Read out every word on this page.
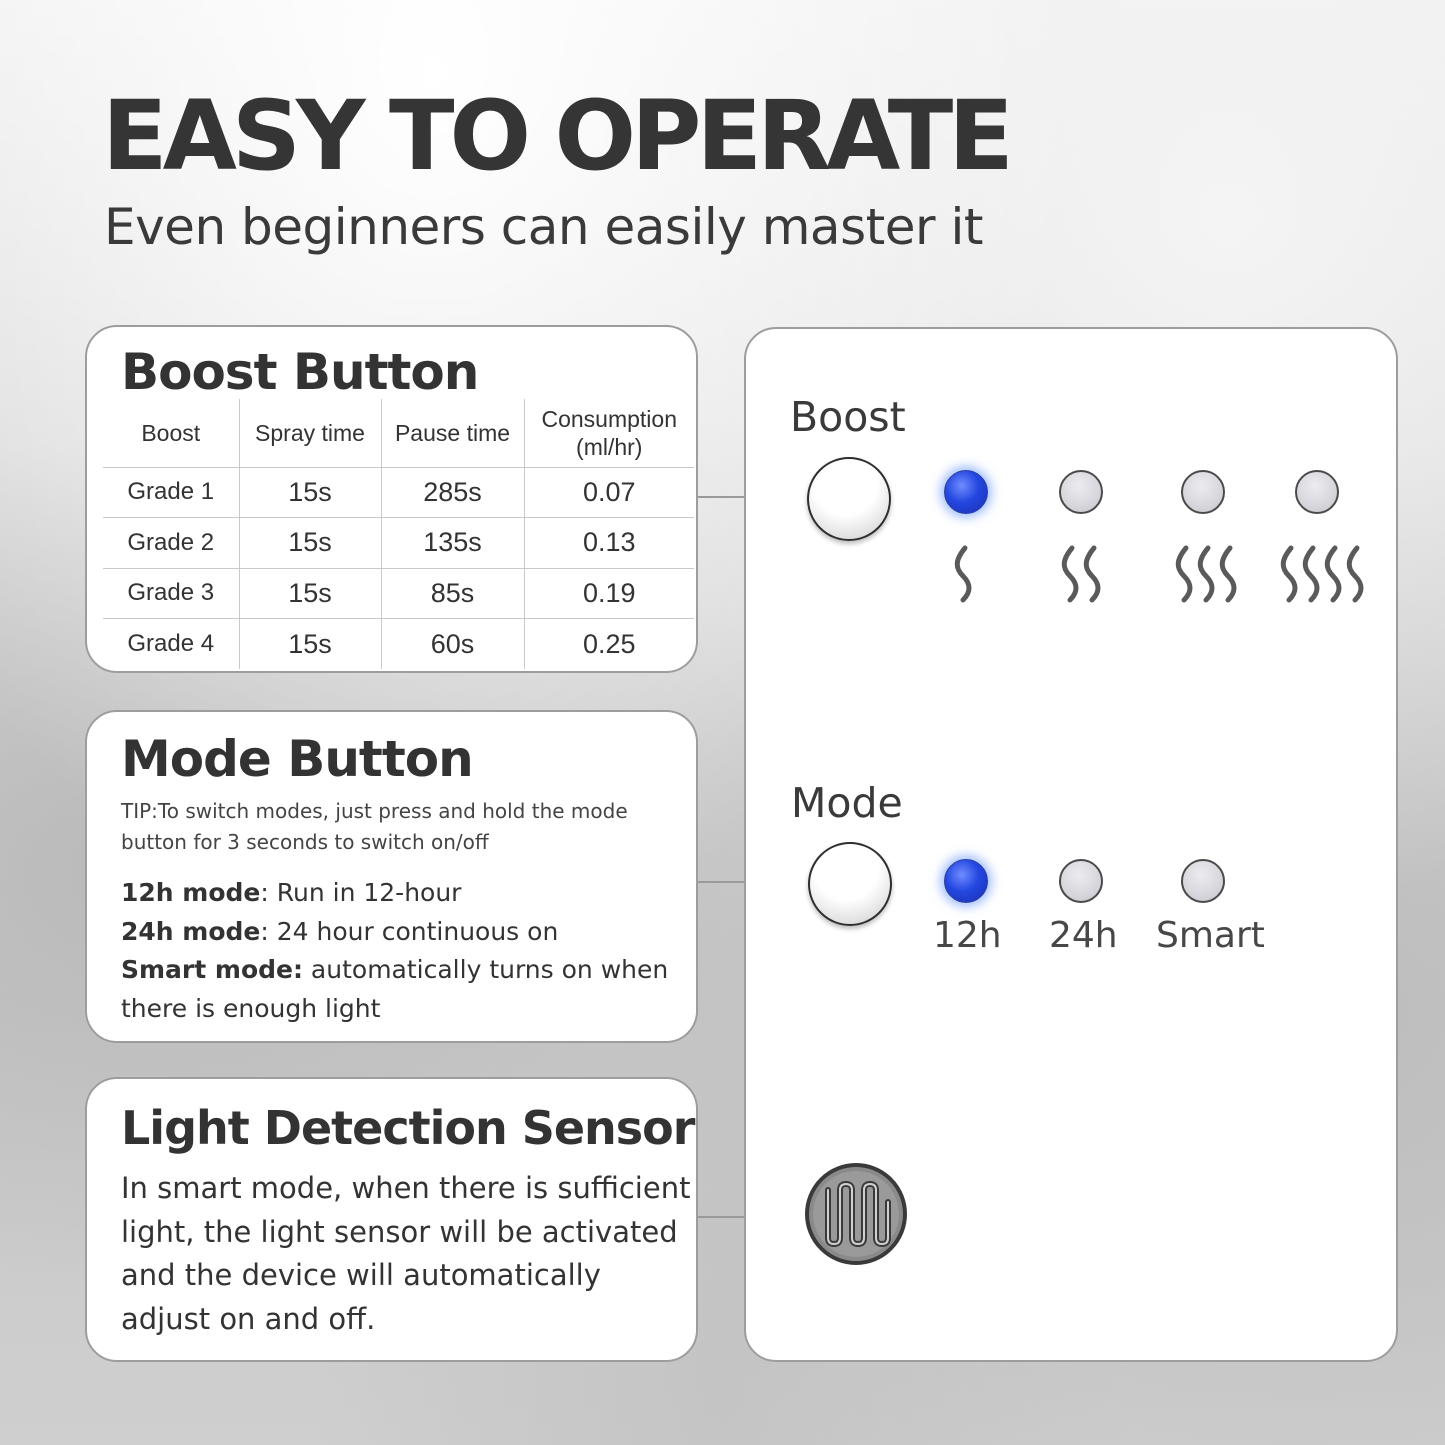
EASY TO OPERATE
Even beginners can easily master it
Boost Button
Boost	Spray time	Pause time	Consumption (ml/hr)
Grade 1	15s	285s	0.07
Grade 2	15s	135s	0.13
Grade 3	15s	85s	0.19
Grade 4	15s	60s	0.25
Mode Button
TIP:To switch modes, just press and hold the mode button for 3 seconds to switch on/off
12h mode: Run in 12-hour
24h mode: 24 hour continuous on
Smart mode: automatically turns on when there is enough light
Light Detection Sensor
In smart mode, when there is sufficient light, the light sensor will be activated and the device will automatically adjust on and off.
Boost
Mode
12h 24h Smart
